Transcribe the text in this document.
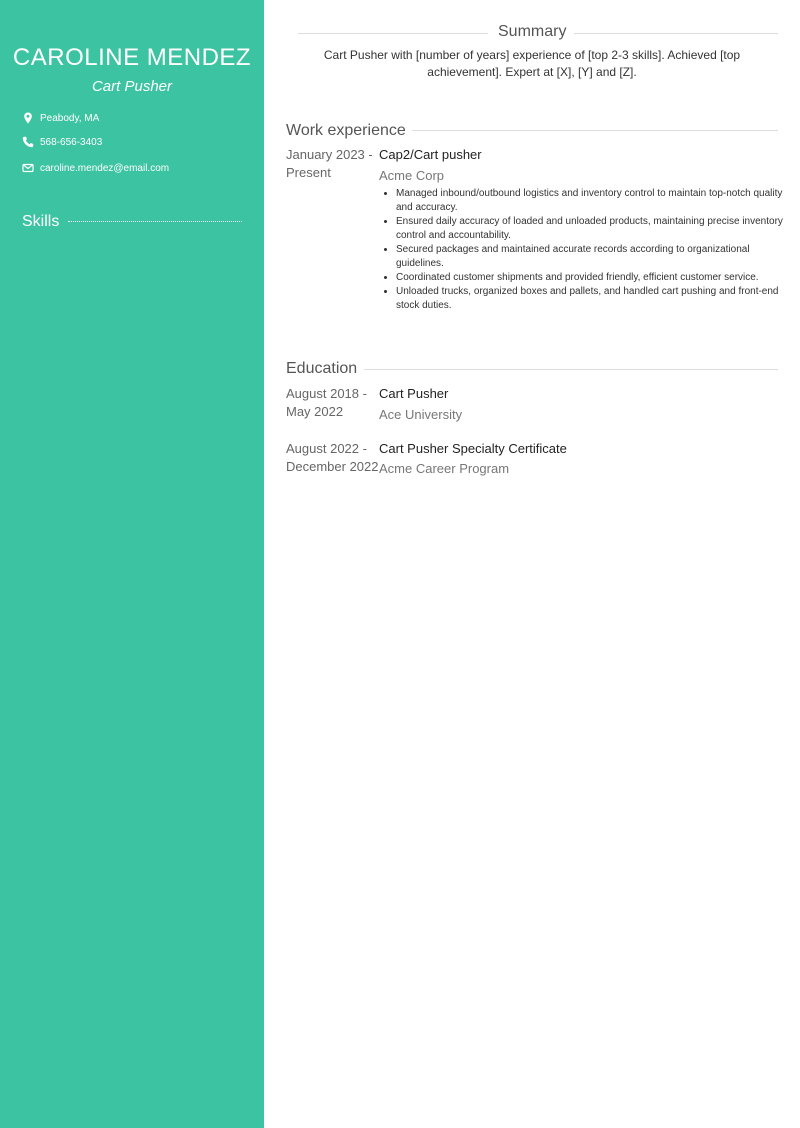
CAROLINE MENDEZ
Cart Pusher
Peabody, MA
568-656-3403
caroline.mendez@email.com
Skills
Summary
Cart Pusher with [number of years] experience of [top 2-3 skills]. Achieved [top achievement]. Expert at [X], [Y] and [Z].
Work experience
January 2023 - Present
Cap2/Cart pusher
Acme Corp
• Managed inbound/outbound logistics and inventory control to maintain top-notch quality and accuracy.
• Ensured daily accuracy of loaded and unloaded products, maintaining precise inventory control and accountability.
• Secured packages and maintained accurate records according to organizational guidelines.
• Coordinated customer shipments and provided friendly, efficient customer service.
• Unloaded trucks, organized boxes and pallets, and handled cart pushing and front-end stock duties.
Education
August 2018 - May 2022
Cart Pusher
Ace University
August 2022 - December 2022
Cart Pusher Specialty Certificate
Acme Career Program
